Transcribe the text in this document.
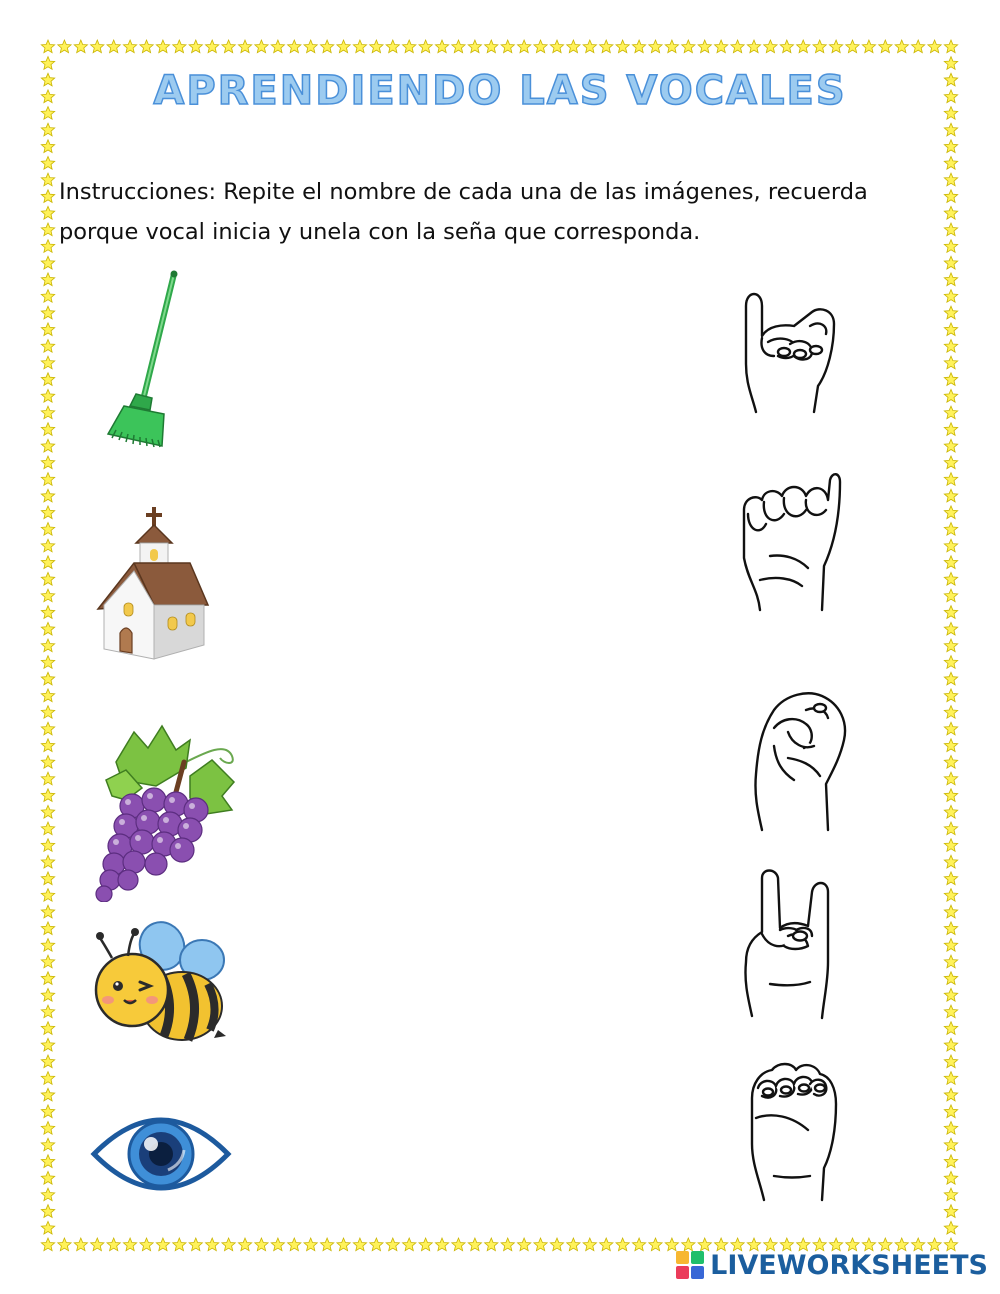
APRENDIENDO LAS VOCALES
Instrucciones: Repite el nombre de cada una de las imágenes, recuerda
porque vocal inicia y unela con la seña que corresponda.
LIVEWORKSHEETS
